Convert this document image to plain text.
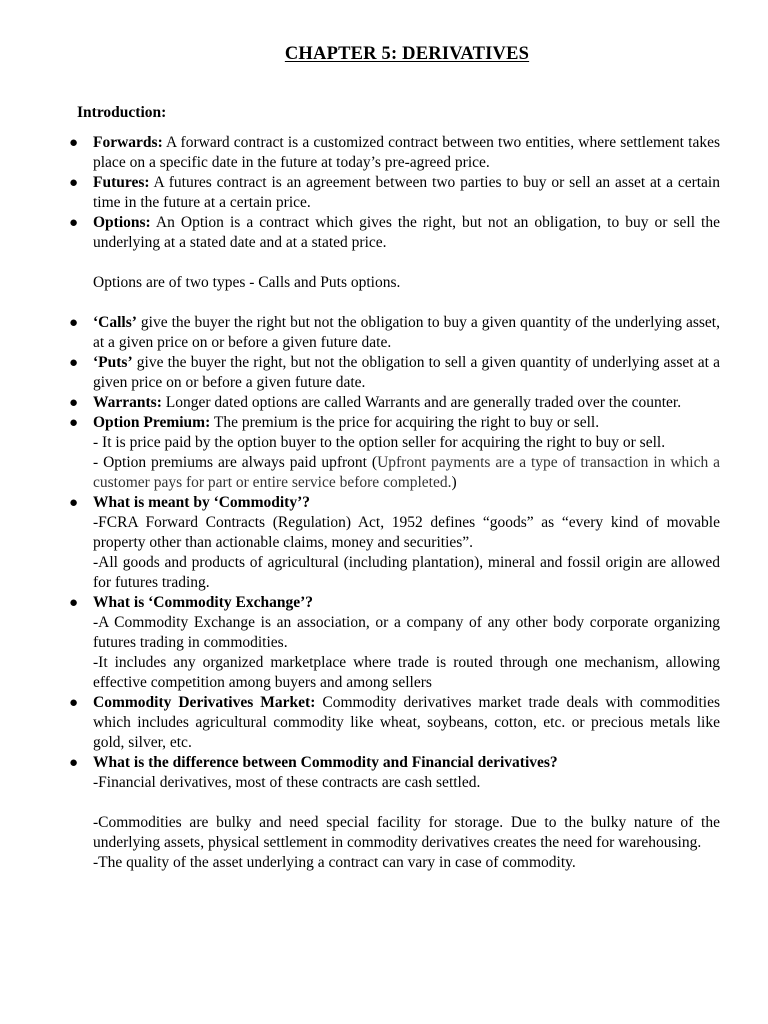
CHAPTER 5: DERIVATIVES
Introduction:
● Forwards: A forward contract is a customized contract between two entities, where settlement takes place on a specific date in the future at today’s pre-agreed price.
● Futures: A futures contract is an agreement between two parties to buy or sell an asset at a certain time in the future at a certain price.
● Options: An Option is a contract which gives the right, but not an obligation, to buy or sell the underlying at a stated date and at a stated price.

Options are of two types - Calls and Puts options.

● ‘Calls’ give the buyer the right but not the obligation to buy a given quantity of the underlying asset, at a given price on or before a given future date.
● ‘Puts’ give the buyer the right, but not the obligation to sell a given quantity of underlying asset at a given price on or before a given future date.
● Warrants: Longer dated options are called Warrants and are generally traded over the counter.
● Option Premium: The premium is the price for acquiring the right to buy or sell.
- It is price paid by the option buyer to the option seller for acquiring the right to buy or sell.
- Option premiums are always paid upfront (Upfront payments are a type of transaction in which a customer pays for part or entire service before completed.)
● What is meant by ‘Commodity’?
-FCRA Forward Contracts (Regulation) Act, 1952 defines “goods” as “every kind of movable property other than actionable claims, money and securities”.
-All goods and products of agricultural (including plantation), mineral and fossil origin are allowed for futures trading.
● What is ‘Commodity Exchange’?
-A Commodity Exchange is an association, or a company of any other body corporate organizing futures trading in commodities.
-It includes any organized marketplace where trade is routed through one mechanism, allowing effective competition among buyers and among sellers
● Commodity Derivatives Market: Commodity derivatives market trade deals with commodities which includes agricultural commodity like wheat, soybeans, cotton, etc. or precious metals like gold, silver, etc.
● What is the difference between Commodity and Financial derivatives?
-Financial derivatives, most of these contracts are cash settled.
-Commodities are bulky and need special facility for storage. Due to the bulky nature of the underlying assets, physical settlement in commodity derivatives creates the need for warehousing.
-The quality of the asset underlying a contract can vary in case of commodity.
